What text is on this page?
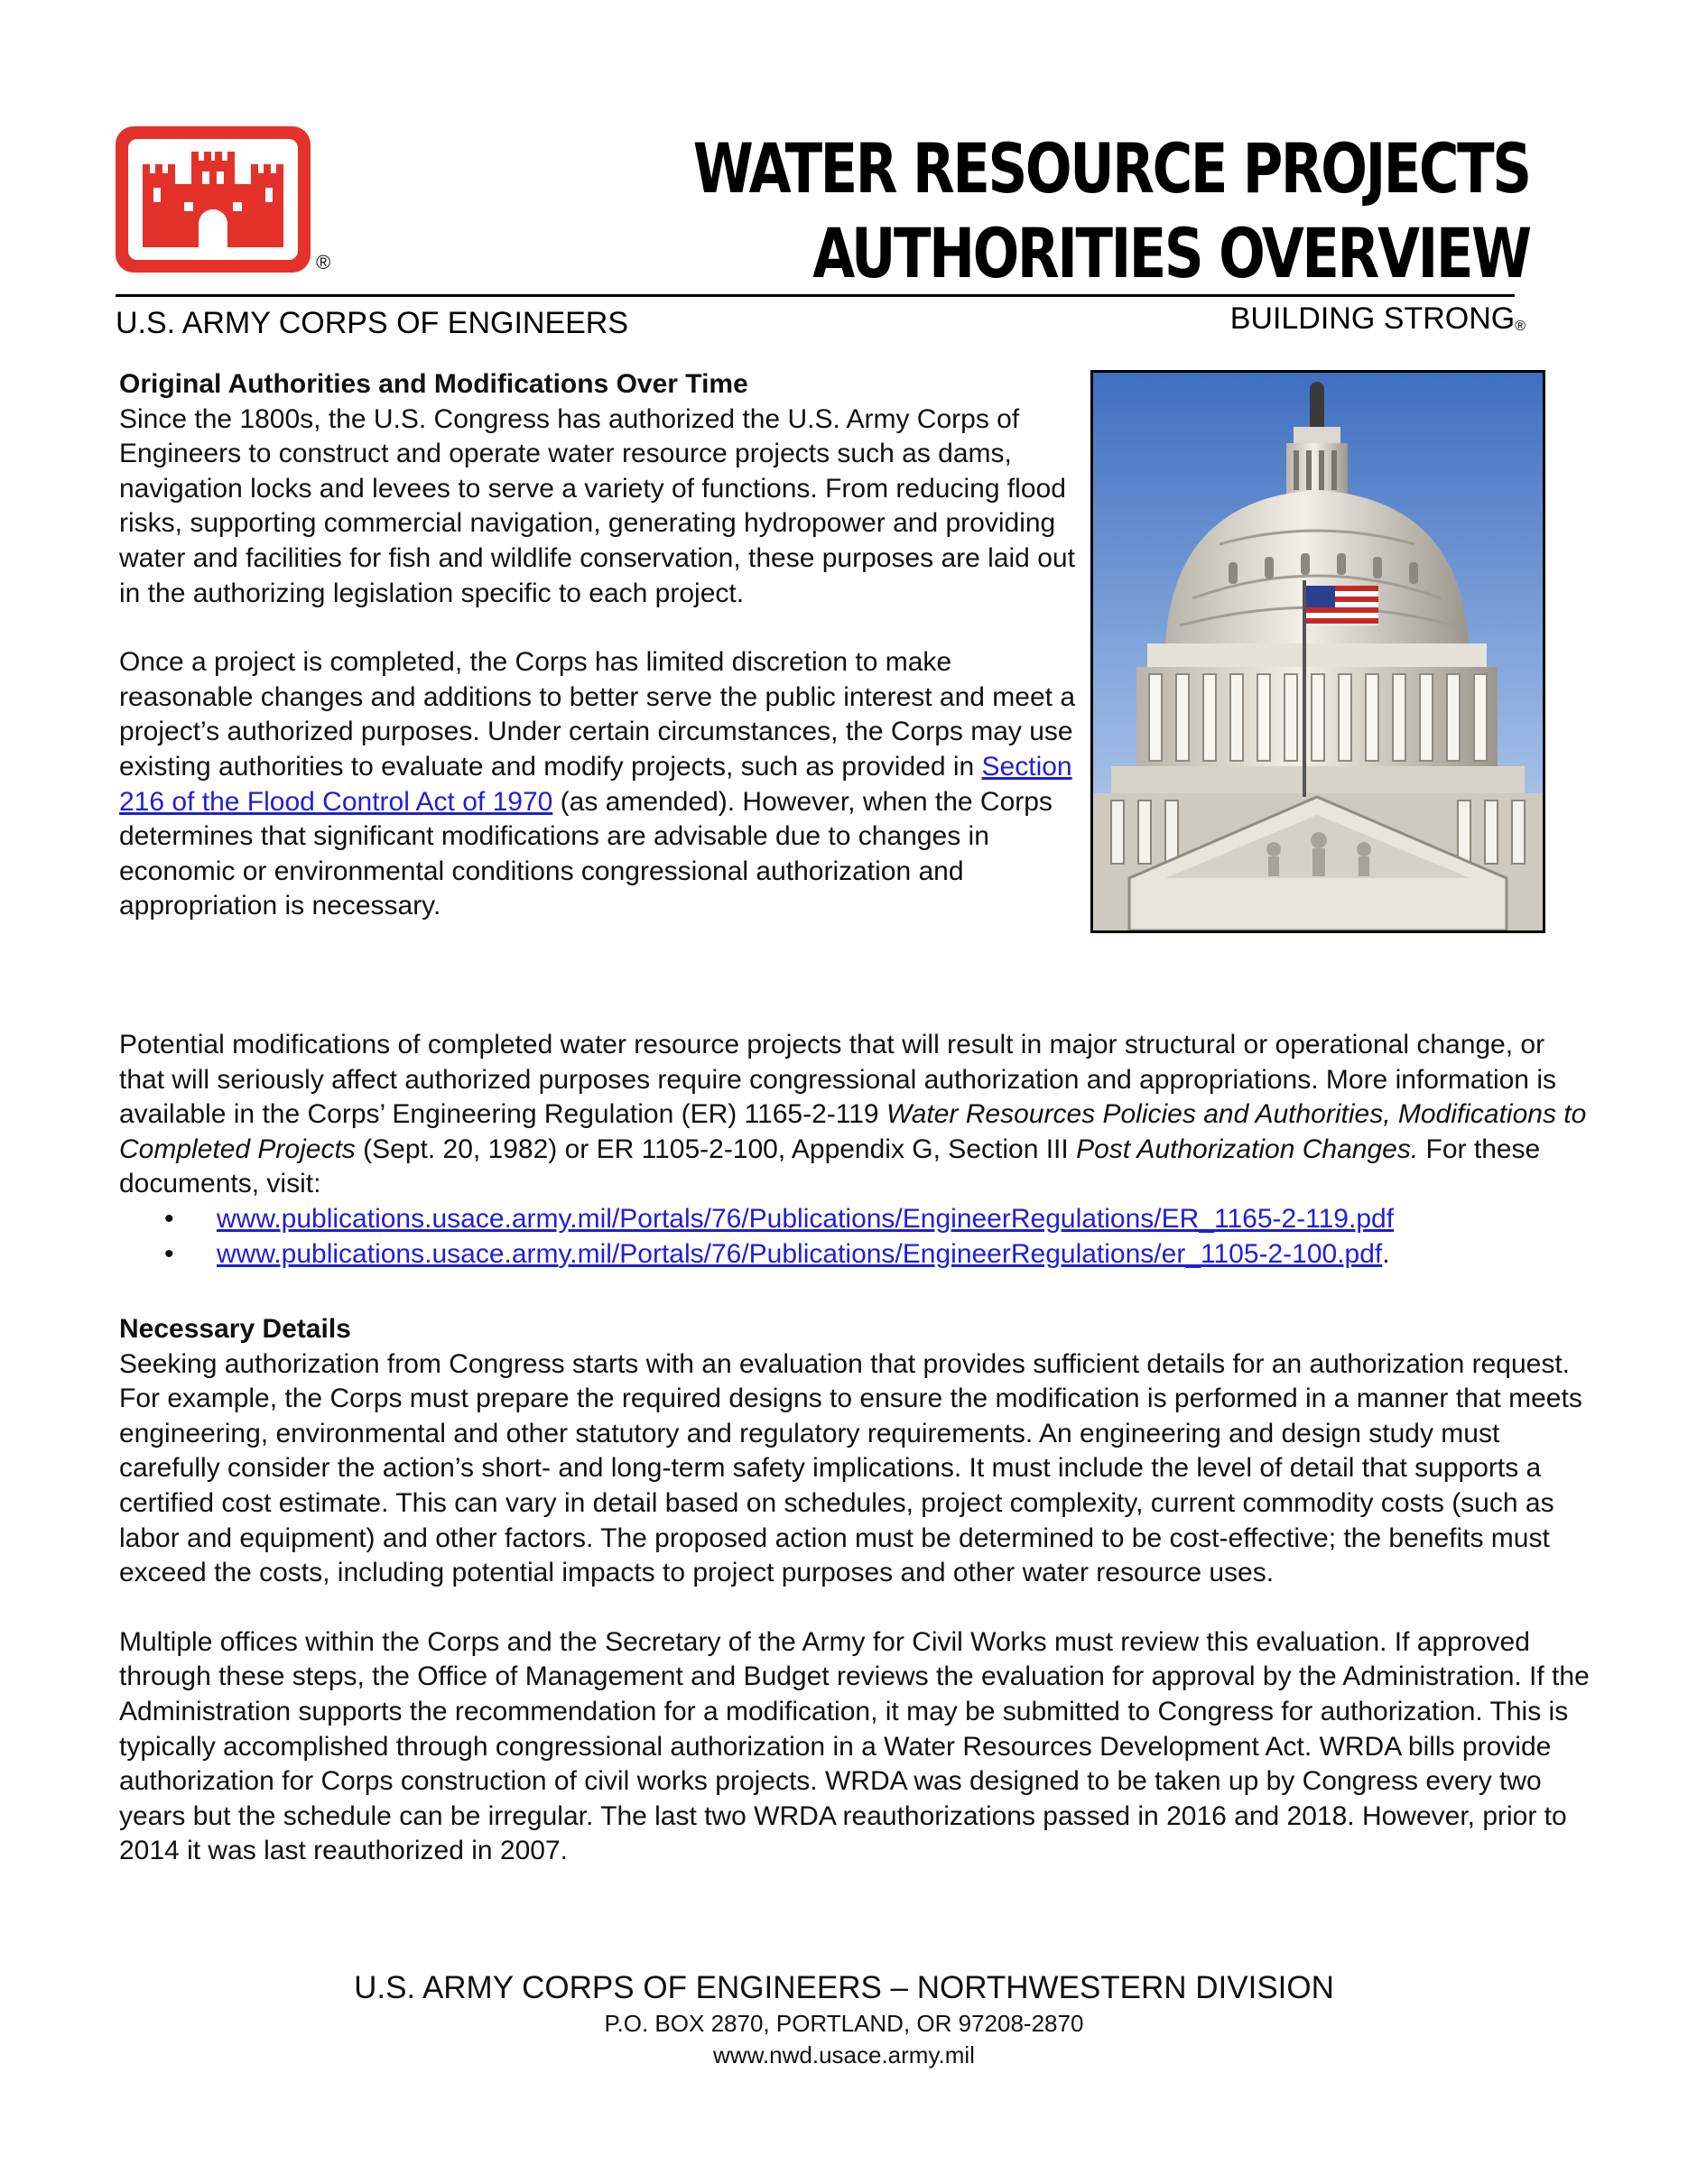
®
WATER RESOURCE PROJECTS
AUTHORITIES OVERVIEW
U.S. ARMY CORPS OF ENGINEERS	BUILDING STRONG®

Original Authorities and Modifications Over Time

Since the 1800s, the U.S. Congress has authorized the U.S. Army Corps of Engineers to construct and operate water resource projects such as dams, navigation locks and levees to serve a variety of functions. From reducing flood risks, supporting commercial navigation, generating hydropower and providing water and facilities for fish and wildlife conservation, these purposes are laid out in the authorizing legislation specific to each project.

Once a project is completed, the Corps has limited discretion to make reasonable changes and additions to better serve the public interest and meet a project’s authorized purposes. Under certain circumstances, the Corps may use existing authorities to evaluate and modify projects, such as provided in Section 216 of the Flood Control Act of 1970 (as amended). However, when the Corps determines that significant modifications are advisable due to changes in economic or environmental conditions congressional authorization and appropriation is necessary.

Potential modifications of completed water resource projects that will result in major structural or operational change, or that will seriously affect authorized purposes require congressional authorization and appropriations. More information is available in the Corps’ Engineering Regulation (ER) 1165-2-119 Water Resources Policies and Authorities, Modifications to Completed Projects (Sept. 20, 1982) or ER 1105-2-100, Appendix G, Section III Post Authorization Changes. For these documents, visit:

• www.publications.usace.army.mil/Portals/76/Publications/EngineerRegulations/ER_1165-2-119.pdf
• www.publications.usace.army.mil/Portals/76/Publications/EngineerRegulations/er_1105-2-100.pdf.

Necessary Details

Seeking authorization from Congress starts with an evaluation that provides sufficient details for an authorization request. For example, the Corps must prepare the required designs to ensure the modification is performed in a manner that meets engineering, environmental and other statutory and regulatory requirements. An engineering and design study must carefully consider the action’s short- and long-term safety implications. It must include the level of detail that supports a certified cost estimate. This can vary in detail based on schedules, project complexity, current commodity costs (such as labor and equipment) and other factors. The proposed action must be determined to be cost-effective; the benefits must exceed the costs, including potential impacts to project purposes and other water resource uses.

Multiple offices within the Corps and the Secretary of the Army for Civil Works must review this evaluation. If approved through these steps, the Office of Management and Budget reviews the evaluation for approval by the Administration. If the Administration supports the recommendation for a modification, it may be submitted to Congress for authorization. This is typically accomplished through congressional authorization in a Water Resources Development Act. WRDA bills provide authorization for Corps construction of civil works projects. WRDA was designed to be taken up by Congress every two years but the schedule can be irregular. The last two WRDA reauthorizations passed in 2016 and 2018. However, prior to 2014 it was last reauthorized in 2007.

U.S. ARMY CORPS OF ENGINEERS – NORTHWESTERN DIVISION
P.O. BOX 2870, PORTLAND, OR 97208-2870
www.nwd.usace.army.mil
